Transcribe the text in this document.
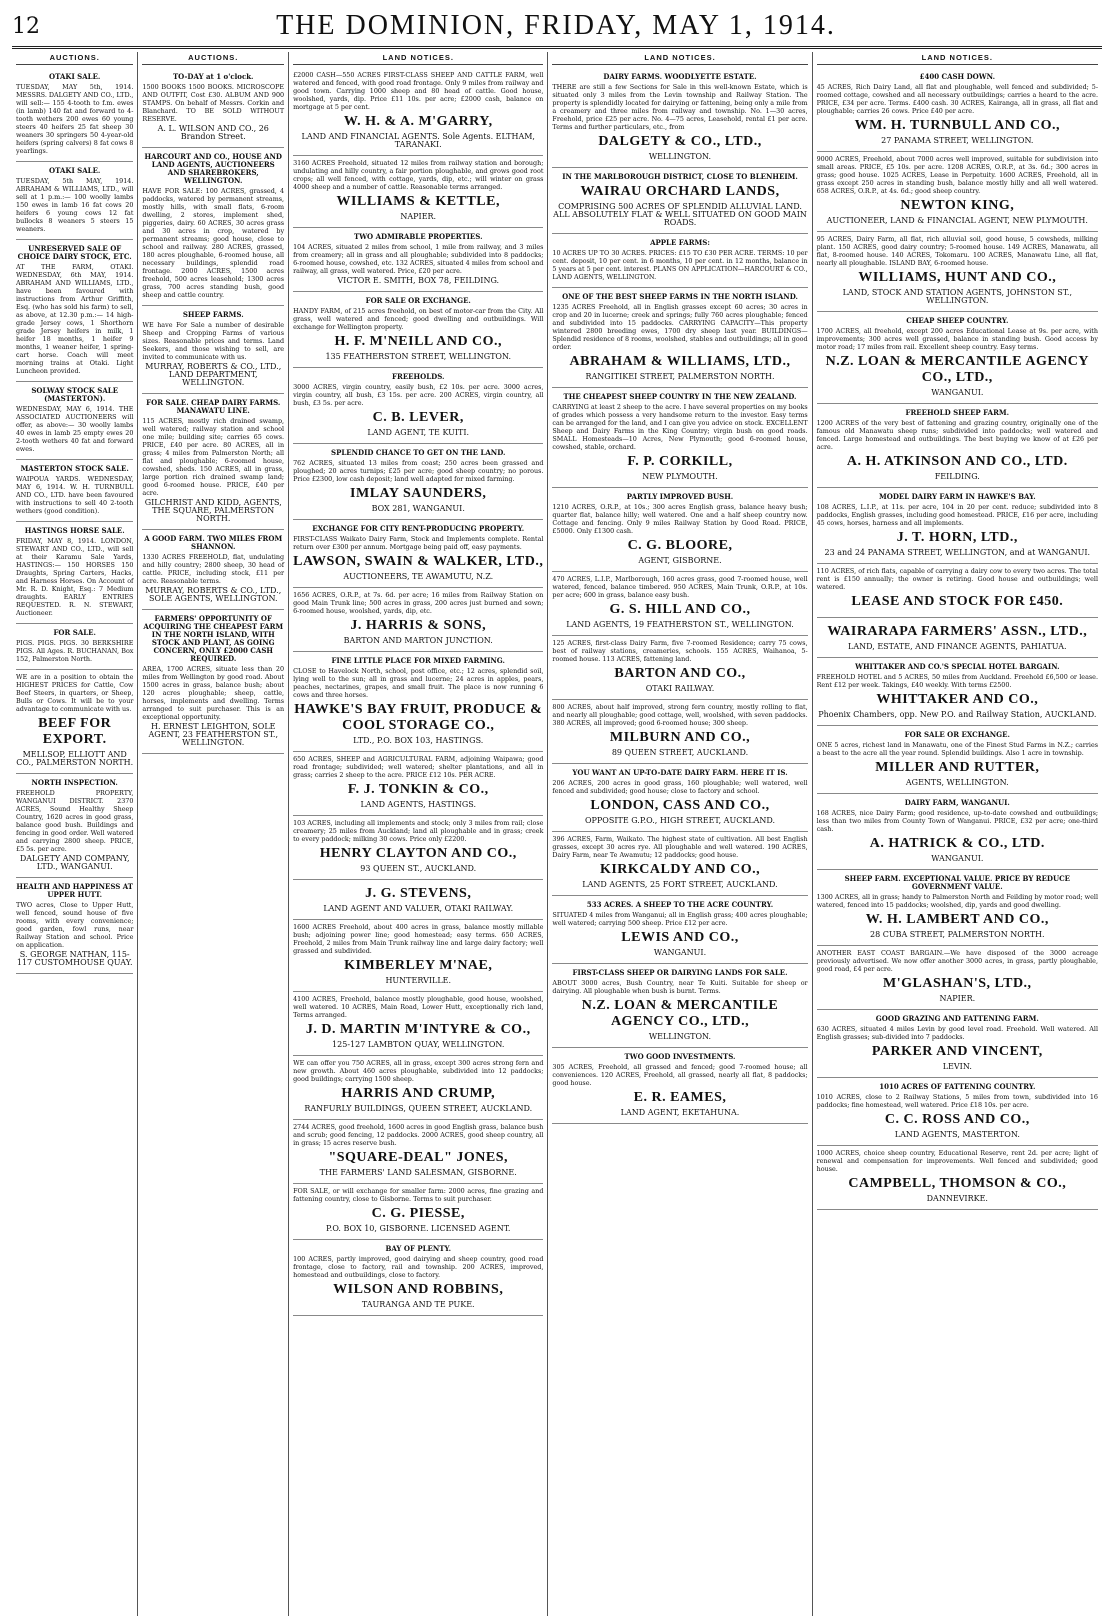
12	THE DOMINION, FRIDAY, MAY 1, 1914.
AUCTIONS.
OTAKI SALE.

TUESDAY, MAY 5th, 1914. MESSRS. DALGETY AND CO., LTD., will sell:— 155 4-tooth to f.m. ewes (in lamb) 140 fat and forward to 4-tooth wethers 200 ewes 60 young steers 40 heifers 25 fat sheep 30 weaners 30 springers 50 4-year-old heifers (spring calvers) 8 fat cows 8 yearlings.

OTAKI SALE.

TUESDAY, 5th MAY, 1914. ABRAHAM & WILLIAMS, LTD., will sell at 1 p.m.:— 100 woolly lambs 150 ewes in lamb 16 fat cows 20 heifers 6 young cows 12 fat bullocks 8 weaners 5 steers 15 weaners.

UNRESERVED SALE OF CHOICE DAIRY STOCK, ETC.

AT THE FARM, OTAKI. WEDNESDAY, 6th MAY, 1914. ABRAHAM AND WILLIAMS, LTD., have been favoured with instructions from Arthur Griffith, Esq. (who has sold his farm) to sell, as above, at 12.30 p.m.:— 14 high-grade Jersey cows, 1 Shorthorn grade Jersey heifers in milk, 1 heifer 18 months, 1 heifer 9 months, 1 weaner heifer, 1 spring-cart horse. Coach will meet morning trains at Otaki. Light Luncheon provided.

SOLWAY STOCK SALE (MASTERTON).

WEDNESDAY, MAY 6, 1914. THE ASSOCIATED AUCTIONEERS will offer, as above:— 30 woolly lambs 40 ewes in lamb 25 empty ewes 20 2-tooth wethers 40 fat and forward ewes.

MASTERTON STOCK SALE.

WAIPOUA YARDS. WEDNESDAY, MAY 6, 1914. W. H. TURNBULL AND CO., LTD. have been favoured with instructions to sell 40 2-tooth wethers (good condition).

HASTINGS HORSE SALE.

FRIDAY, MAY 8, 1914. LONDON, STEWART AND CO., LTD., will sell at their Karamu Sale Yards, HASTINGS:— 150 HORSES 150 Draughts, Spring Carters, Hacks, and Harness Horses. On Account of Mr. R. D. Knight, Esq.: 7 Medium draughts. EARLY ENTRIES REQUESTED. R. N. STEWART, Auctioneer.

FOR SALE.

PIGS. PIGS. PIGS. 30 BERKSHIRE PIGS. All Ages. R. BUCHANAN, Box 152, Palmerston North.

WE are in a position to obtain the HIGHEST PRICES for Cattle, Cow Beef Steers, in quarters, or Sheep, Bulls or Cows. It will be to your advantage to communicate with us.

BEEF FOR EXPORT.
MELLSOP, ELLIOTT AND CO., PALMERSTON NORTH.
NORTH INSPECTION.

FREEHOLD PROPERTY, WANGANUI DISTRICT. 2370 ACRES, Sound Healthy Sheep Country, 1620 acres in good grass, balance good bush. Buildings and fencing in good order. Well watered and carrying 2800 sheep. PRICE, £5 5s. per acre.

DALGETY AND COMPANY, LTD., WANGANUI.
HEALTH AND HAPPINESS AT UPPER HUTT.

TWO acres, Close to Upper Hutt, well fenced, sound house of five rooms, with every convenience; good garden, fowl runs, near Railway Station and school. Price on application.

S. GEORGE NATHAN, 115-117 CUSTOMHOUSE QUAY.
AUCTIONS.
TO-DAY at 1 o'clock.

1500 BOOKS 1500 BOOKS. MICROSCOPE AND OUTFIT, Cost £30. ALBUM AND 900 STAMPS. On behalf of Messrs. Corkin and Blanchard. TO BE SOLD WITHOUT RESERVE.

A. L. WILSON AND CO., 26 Brandon Street.
HARCOURT AND CO., HOUSE AND LAND AGENTS, AUCTIONEERS AND SHAREBROKERS, WELLINGTON.

HAVE FOR SALE: 100 ACRES, grassed, 4 paddocks, watered by permanent streams, mostly hills, with small flats, 6-room dwelling, 2 stores, implement shed, piggeries, dairy. 60 ACRES, 30 acres grass and 30 acres in crop, watered by permanent streams; good house, close to school and railway. 280 ACRES, grassed, 180 acres ploughable, 6-roomed house, all necessary buildings, splendid road frontage. 2000 ACRES, 1500 acres freehold, 500 acres leasehold; 1300 acres grass, 700 acres standing bush, good sheep and cattle country.

SHEEP FARMS.

WE have For Sale a number of desirable Sheep and Cropping Farms of various sizes. Reasonable prices and terms. Land Seekers, and those wishing to sell, are invited to communicate with us.

MURRAY, ROBERTS & CO., LTD., LAND DEPARTMENT, WELLINGTON.
FOR SALE. CHEAP DAIRY FARMS. MANAWATU LINE.

115 ACRES, mostly rich drained swamp, well watered; railway station and school one mile; building site; carries 65 cows. PRICE, £40 per acre. 80 ACRES, all in grass; 4 miles from Palmerston North; all flat and ploughable; 6-roomed house, cowshed, sheds. 150 ACRES, all in grass, large portion rich drained swamp land; good 6-roomed house. PRICE, £40 per acre.

GILCHRIST AND KIDD, AGENTS, THE SQUARE, PALMERSTON NORTH.
A GOOD FARM. TWO MILES FROM SHANNON.

1330 ACRES FREEHOLD, flat, undulating and hilly country; 2800 sheep, 30 head of cattle. PRICE, including stock, £11 per acre. Reasonable terms.

MURRAY, ROBERTS & CO., LTD., SOLE AGENTS, WELLINGTON.
FARMERS' OPPORTUNITY OF ACQUIRING THE CHEAPEST FARM IN THE NORTH ISLAND, WITH STOCK AND PLANT, AS GOING CONCERN, ONLY £2000 CASH REQUIRED.

AREA, 1700 ACRES, situate less than 20 miles from Wellington by good road. About 1500 acres in grass, balance bush; about 120 acres ploughable; sheep, cattle, horses, implements and dwelling. Terms arranged to suit purchaser. This is an exceptional opportunity.

H. ERNEST LEIGHTON, SOLE AGENT, 23 FEATHERSTON ST., WELLINGTON.
LAND NOTICES.

£2000 CASH—550 ACRES FIRST-CLASS SHEEP AND CATTLE FARM, well watered and fenced, with good road frontage. Only 9 miles from railway and good town. Carrying 1000 sheep and 80 head of cattle. Good house, woolshed, yards, dip. Price £11 10s. per acre; £2000 cash, balance on mortgage at 5 per cent.

W. H. & A. M'GARRY,
LAND AND FINANCIAL AGENTS. Sole Agents. ELTHAM, TARANAKI.

3160 ACRES Freehold, situated 12 miles from railway station and borough; undulating and hilly country, a fair portion ploughable, and grows good root crops; all well fenced, with cottage, yards, dip, etc.; will winter on grass 4000 sheep and a number of cattle. Reasonable terms arranged.

WILLIAMS & KETTLE,
NAPIER.
TWO ADMIRABLE PROPERTIES.

104 ACRES, situated 2 miles from school, 1 mile from railway, and 3 miles from creamery; all in grass and all ploughable; subdivided into 8 paddocks; 6-roomed house, cowshed, etc. 132 ACRES, situated 4 miles from school and railway, all grass, well watered. Price, £20 per acre.

VICTOR E. SMITH, BOX 78, FEILDING.
FOR SALE OR EXCHANGE.

HANDY FARM, of 215 acres freehold, on best of motor-car from the City. All grass, well watered and fenced; good dwelling and outbuildings. Will exchange for Wellington property.

H. F. M'NEILL AND CO.,
135 FEATHERSTON STREET, WELLINGTON.
FREEHOLDS.

3000 ACRES, virgin country, easily bush, £2 10s. per acre. 3000 acres, virgin country, all bush, £3 15s. per acre. 200 ACRES, virgin country, all bush, £3 5s. per acre.

C. B. LEVER,
LAND AGENT, TE KUITI.
SPLENDID CHANCE TO GET ON THE LAND.

762 ACRES, situated 13 miles from coast; 250 acres been grassed and ploughed; 20 acres turnips; £25 per acre; good sheep country; no porous. Price £2300, low cash deposit; land well adapted for mixed farming.

IMLAY SAUNDERS,
BOX 281, WANGANUI.
EXCHANGE FOR CITY RENT-PRODUCING PROPERTY.

FIRST-CLASS Waikato Dairy Farm, Stock and Implements complete. Rental return over £300 per annum. Mortgage being paid off, easy payments.

LAWSON, SWAIN & WALKER, LTD.,
AUCTIONEERS, TE AWAMUTU, N.Z.

1656 ACRES, O.R.P., at 7s. 6d. per acre; 16 miles from Railway Station on good Main Trunk line; 500 acres in grass, 200 acres just burned and sown; 6-roomed house, woolshed, yards, dip, etc.

J. HARRIS & SONS,
BARTON AND MARTON JUNCTION.
FINE LITTLE PLACE FOR MIXED FARMING.

CLOSE to Havelock North, school, post office, etc.; 12 acres, splendid soil, lying well to the sun; all in grass and lucerne; 24 acres in apples, pears, peaches, nectarines, grapes, and small fruit. The place is now running 6 cows and three horses.

HAWKE'S BAY FRUIT, PRODUCE & COOL STORAGE CO.,
LTD., P.O. BOX 103, HASTINGS.

650 ACRES, SHEEP and AGRICULTURAL FARM, adjoining Waipawa; good road frontage; subdivided; well watered; shelter plantations, and all in grass; carries 2 sheep to the acre. PRICE £12 10s. PER ACRE.

F. J. TONKIN & CO.,
LAND AGENTS, HASTINGS.

103 ACRES, including all implements and stock; only 3 miles from rail; close creamery; 25 miles from Auckland; land all ploughable and in grass; creek to every paddock; milking 30 cows. Price only £2200.

HENRY CLAYTON AND CO.,
93 QUEEN ST., AUCKLAND.
J. G. STEVENS,
LAND AGENT AND VALUER, OTAKI RAILWAY.

1600 ACRES Freehold, about 400 acres in grass, balance mostly millable bush; adjoining power line; good homestead; easy terms. 650 ACRES, Freehold, 2 miles from Main Trunk railway line and large dairy factory; well grassed and subdivided.

KIMBERLEY M'NAE,
HUNTERVILLE.

4100 ACRES, Freehold, balance mostly ploughable, good house, woolshed, well watered. 10 ACRES, Main Road, Lower Hutt, exceptionally rich land, Terms arranged.

J. D. MARTIN M'INTYRE & CO.,
125-127 LAMBTON QUAY, WELLINGTON.

WE can offer you 750 ACRES, all in grass, except 300 acres strong fern and new growth. About 460 acres ploughable, subdivided into 12 paddocks; good buildings; carrying 1500 sheep.

HARRIS AND CRUMP,
RANFURLY BUILDINGS, QUEEN STREET, AUCKLAND.

2744 ACRES, good freehold, 1600 acres in good English grass, balance bush and scrub; good fencing, 12 paddocks. 2000 ACRES, good sheep country, all in grass; 15 acres reserve bush.

"SQUARE-DEAL" JONES,
THE FARMERS' LAND SALESMAN, GISBORNE.

FOR SALE, or will exchange for smaller farm: 2000 acres, fine grazing and fattening country, close to Gisborne. Terms to suit purchaser.

C. G. PIESSE,
P.O. BOX 10, GISBORNE. LICENSED AGENT.
BAY OF PLENTY.

100 ACRES, partly improved, good dairying and sheep country, good road frontage, close to factory, rail and township. 200 ACRES, improved, homestead and outbuildings, close to factory.

WILSON AND ROBBINS,
TAURANGA AND TE PUKE.
LAND NOTICES.
DAIRY FARMS. WOODLYETTE ESTATE.

THERE are still a few Sections for Sale in this well-known Estate, which is situated only 3 miles from the Levin township and Railway Station. The property is splendidly located for dairying or fattening, being only a mile from a creamery and three miles from railway and township. No. 1—30 acres, Freehold, price £25 per acre. No. 4—75 acres, Leasehold, rental £1 per acre. Terms and further particulars, etc., from

DALGETY & CO., LTD.,
WELLINGTON.
IN THE MARLBOROUGH DISTRICT, CLOSE TO BLENHEIM.
WAIRAU ORCHARD LANDS,
COMPRISING 500 ACRES OF SPLENDID ALLUVIAL LAND. ALL ABSOLUTELY FLAT & WELL SITUATED ON GOOD MAIN ROADS.
APPLE FARMS:

10 ACRES UP TO 30 ACRES. PRICES: £15 TO £30 PER ACRE. TERMS: 10 per cent. deposit, 10 per cent. in 6 months, 10 per cent. in 12 months, balance in 5 years at 5 per cent. interest. PLANS ON APPLICATION—HARCOURT & CO., LAND AGENTS, WELLINGTON.

ONE OF THE BEST SHEEP FARMS IN THE NORTH ISLAND.

1235 ACRES Freehold, all in English grasses except 60 acres; 30 acres in crop and 20 in lucerne; creek and springs; fully 760 acres ploughable; fenced and subdivided into 15 paddocks. CARRYING CAPACITY—This property wintered 2800 breeding ewes, 1700 dry sheep last year. BUILDINGS—Splendid residence of 8 rooms, woolshed, stables and outbuildings; all in good order.

ABRAHAM & WILLIAMS, LTD.,
RANGITIKEI STREET, PALMERSTON NORTH.
THE CHEAPEST SHEEP COUNTRY IN THE NEW ZEALAND.

CARRYING at least 2 sheep to the acre. I have several properties on my books of grades which possess a very handsome return to the investor. Easy terms can be arranged for the land, and I can give you advice on stock. EXCELLENT Sheep and Dairy Farms in the King Country; virgin bush on good roads. SMALL Homesteads—10 Acres, New Plymouth; good 6-roomed house, cowshed, stable, orchard.

F. P. CORKILL,
NEW PLYMOUTH.
PARTLY IMPROVED BUSH.

1210 ACRES, O.R.P., at 10s.; 300 acres English grass, balance heavy bush; quarter flat, balance hilly; well watered. One and a half sheep country now. Cottage and fencing. Only 9 miles Railway Station by Good Road. PRICE, £5000. Only £1300 cash.

C. G. BLOORE,
AGENT, GISBORNE.

470 ACRES, L.I.P., Marlborough, 160 acres grass, good 7-roomed house, well watered, fenced, balance timbered. 950 ACRES, Main Trunk, O.R.P., at 10s. per acre; 600 in grass, balance easy bush.

G. S. HILL AND CO.,
LAND AGENTS, 19 FEATHERSTON ST., WELLINGTON.

125 ACRES, first-class Dairy Farm, five 7-roomed Residence; carry 75 cows, best of railway stations, creameries, schools. 155 ACRES, Waihanoa, 5-roomed house. 113 ACRES, fattening land.

BARTON AND CO.,
OTAKI RAILWAY.

800 ACRES, about half improved, strong fern country, mostly rolling to flat, and nearly all ploughable; good cottage, well, woolshed, with seven paddocks. 380 ACRES, all improved; good 6-roomed house; 300 sheep.

MILBURN AND CO.,
89 QUEEN STREET, AUCKLAND.
YOU WANT AN UP-TO-DATE DAIRY FARM. HERE IT IS.

206 ACRES, 200 acres in good grass, 160 ploughable; well watered, well fenced and subdivided; good house; close to factory and school.

LONDON, CASS AND CO.,
OPPOSITE G.P.O., HIGH STREET, AUCKLAND.

396 ACRES, Farm, Waikato. The highest state of cultivation. All best English grasses, except 30 acres rye. All ploughable and well watered. 190 ACRES, Dairy Farm, near Te Awamutu; 12 paddocks; good house.

KIRKCALDY AND CO.,
LAND AGENTS, 25 FORT STREET, AUCKLAND.
533 ACRES. A SHEEP TO THE ACRE COUNTRY.

SITUATED 4 miles from Wanganui; all in English grass; 400 acres ploughable; well watered; carrying 500 sheep. Price £12 per acre.

LEWIS AND CO.,
WANGANUI.
FIRST-CLASS SHEEP OR DAIRYING LANDS FOR SALE.

ABOUT 3000 acres, Bush Country, near Te Kuiti. Suitable for sheep or dairying. All ploughable when bush is burnt. Terms.

N.Z. LOAN & MERCANTILE AGENCY CO., LTD.,
WELLINGTON.
TWO GOOD INVESTMENTS.

305 ACRES, Freehold, all grassed and fenced; good 7-roomed house; all conveniences. 120 ACRES, Freehold, all grassed, nearly all flat, 8 paddocks; good house.

E. R. EAMES,
LAND AGENT, EKETAHUNA.
LAND NOTICES.
£400 CASH DOWN.

45 ACRES, Rich Dairy Land, all flat and ploughable, well fenced and subdivided; 5-roomed cottage, cowshed and all necessary outbuildings; carries a heard to the acre. PRICE, £34 per acre. Terms. £400 cash. 30 ACRES, Kairanga, all in grass, all flat and ploughable; carries 26 cows. Price £40 per acre.

WM. H. TURNBULL AND CO.,
27 PANAMA STREET, WELLINGTON.

9000 ACRES, Freehold, about 7000 acres well improved, suitable for subdivision into small areas. PRICE, £5 10s. per acre. 1208 ACRES, O.R.P., at 3s. 6d.; 300 acres in grass; good house. 1025 ACRES, Lease in Perpetuity. 1600 ACRES, Freehold, all in grass except 250 acres in standing bush, balance mostly hilly and all well watered. 658 ACRES, O.R.P., at 4s. 6d.; good sheep country.

NEWTON KING,
AUCTIONEER, LAND & FINANCIAL AGENT, NEW PLYMOUTH.

95 ACRES, Dairy Farm, all flat, rich alluvial soil, good house, 5 cowsheds, milking plant. 150 ACRES, good dairy country; 5-roomed house. 149 ACRES, Manawatu, all flat, 8-roomed house. 140 ACRES, Tokomaru. 100 ACRES, Manawatu Line, all flat, nearly all ploughable. ISLAND BAY, 6-roomed house.

WILLIAMS, HUNT AND CO.,
LAND, STOCK AND STATION AGENTS, JOHNSTON ST., WELLINGTON.
CHEAP SHEEP COUNTRY.

1700 ACRES, all freehold, except 200 acres Educational Lease at 9s. per acre, with improvements; 300 acres well grassed, balance in standing bush. Good access by motor road; 17 miles from rail. Excellent sheep country. Easy terms.

N.Z. LOAN & MERCANTILE AGENCY CO., LTD.,
WANGANUI.
FREEHOLD SHEEP FARM.

1200 ACRES of the very best of fattening and grazing country, originally one of the famous old Manawatu sheep runs; subdivided into paddocks; well watered and fenced. Large homestead and outbuildings. The best buying we know of at £26 per acre.

A. H. ATKINSON AND CO., LTD.
FEILDING.
MODEL DAIRY FARM IN HAWKE'S BAY.

108 ACRES, L.I.P., at 11s. per acre, 104 in 20 per cent. reduce; subdivided into 8 paddocks, English grasses, including good homestead. PRICE, £16 per acre, including 45 cows, horses, harness and all implements.

J. T. HORN, LTD.,
23 and 24 PANAMA STREET, WELLINGTON, and at WANGANUI.

110 ACRES, of rich flats, capable of carrying a dairy cow to every two acres. The total rent is £150 annually; the owner is retiring. Good house and outbuildings; well watered.

LEASE AND STOCK FOR £450.
WAIRARAPA FARMERS' ASSN., LTD.,
LAND, ESTATE, AND FINANCE AGENTS, PAHIATUA.
WHITTAKER AND CO.'S SPECIAL HOTEL BARGAIN.

FREEHOLD HOTEL and 5 ACRES, 50 miles from Auckland. Freehold £6,500 or lease. Rent £12 per week. Takings, £40 weekly. With terms £2500.

WHITTAKER AND CO.,
Phoenix Chambers, opp. New P.O. and Railway Station, AUCKLAND.
FOR SALE OR EXCHANGE.

ONE 5 acres, richest land in Manawatu, one of the Finest Stud Farms in N.Z.; carries a beast to the acre all the year round. Splendid buildings. Also 1 acre in township.

MILLER AND RUTTER,
AGENTS, WELLINGTON.
DAIRY FARM, WANGANUI.

168 ACRES, nice Dairy Farm; good residence, up-to-date cowshed and outbuildings; less than two miles from County Town of Wanganui. PRICE, £32 per acre; one-third cash.

A. HATRICK & CO., LTD.
WANGANUI.
SHEEP FARM. EXCEPTIONAL VALUE. PRICE BY REDUCE GOVERNMENT VALUE.

1300 ACRES, all in grass; handy to Palmerston North and Feilding by motor road; well watered, fenced into 15 paddocks; woolshed, dip, yards and good dwelling.

W. H. LAMBERT AND CO.,
28 CUBA STREET, PALMERSTON NORTH.

ANOTHER EAST COAST BARGAIN.—We have disposed of the 3000 acreage previously advertised. We now offer another 3000 acres, in grass, partly ploughable, good road, £4 per acre.

M'GLASHAN'S, LTD.,
NAPIER.
GOOD GRAZING AND FATTENING FARM.

630 ACRES, situated 4 miles Levin by good level road. Freehold. Well watered. All English grasses; sub-divided into 7 paddocks.

PARKER AND VINCENT,
LEVIN.
1010 ACRES OF FATTENING COUNTRY.

1010 ACRES, close to 2 Railway Stations, 5 miles from town, subdivided into 16 paddocks; fine homestead, well watered. Price £18 10s. per acre.

C. C. ROSS AND CO.,
LAND AGENTS, MASTERTON.

1000 ACRES, choice sheep country, Educational Reserve, rent 2d. per acre; light of renewal and compensation for improvements. Well fenced and subdivided; good house.

CAMPBELL, THOMSON & CO.,
DANNEVIRKE.
